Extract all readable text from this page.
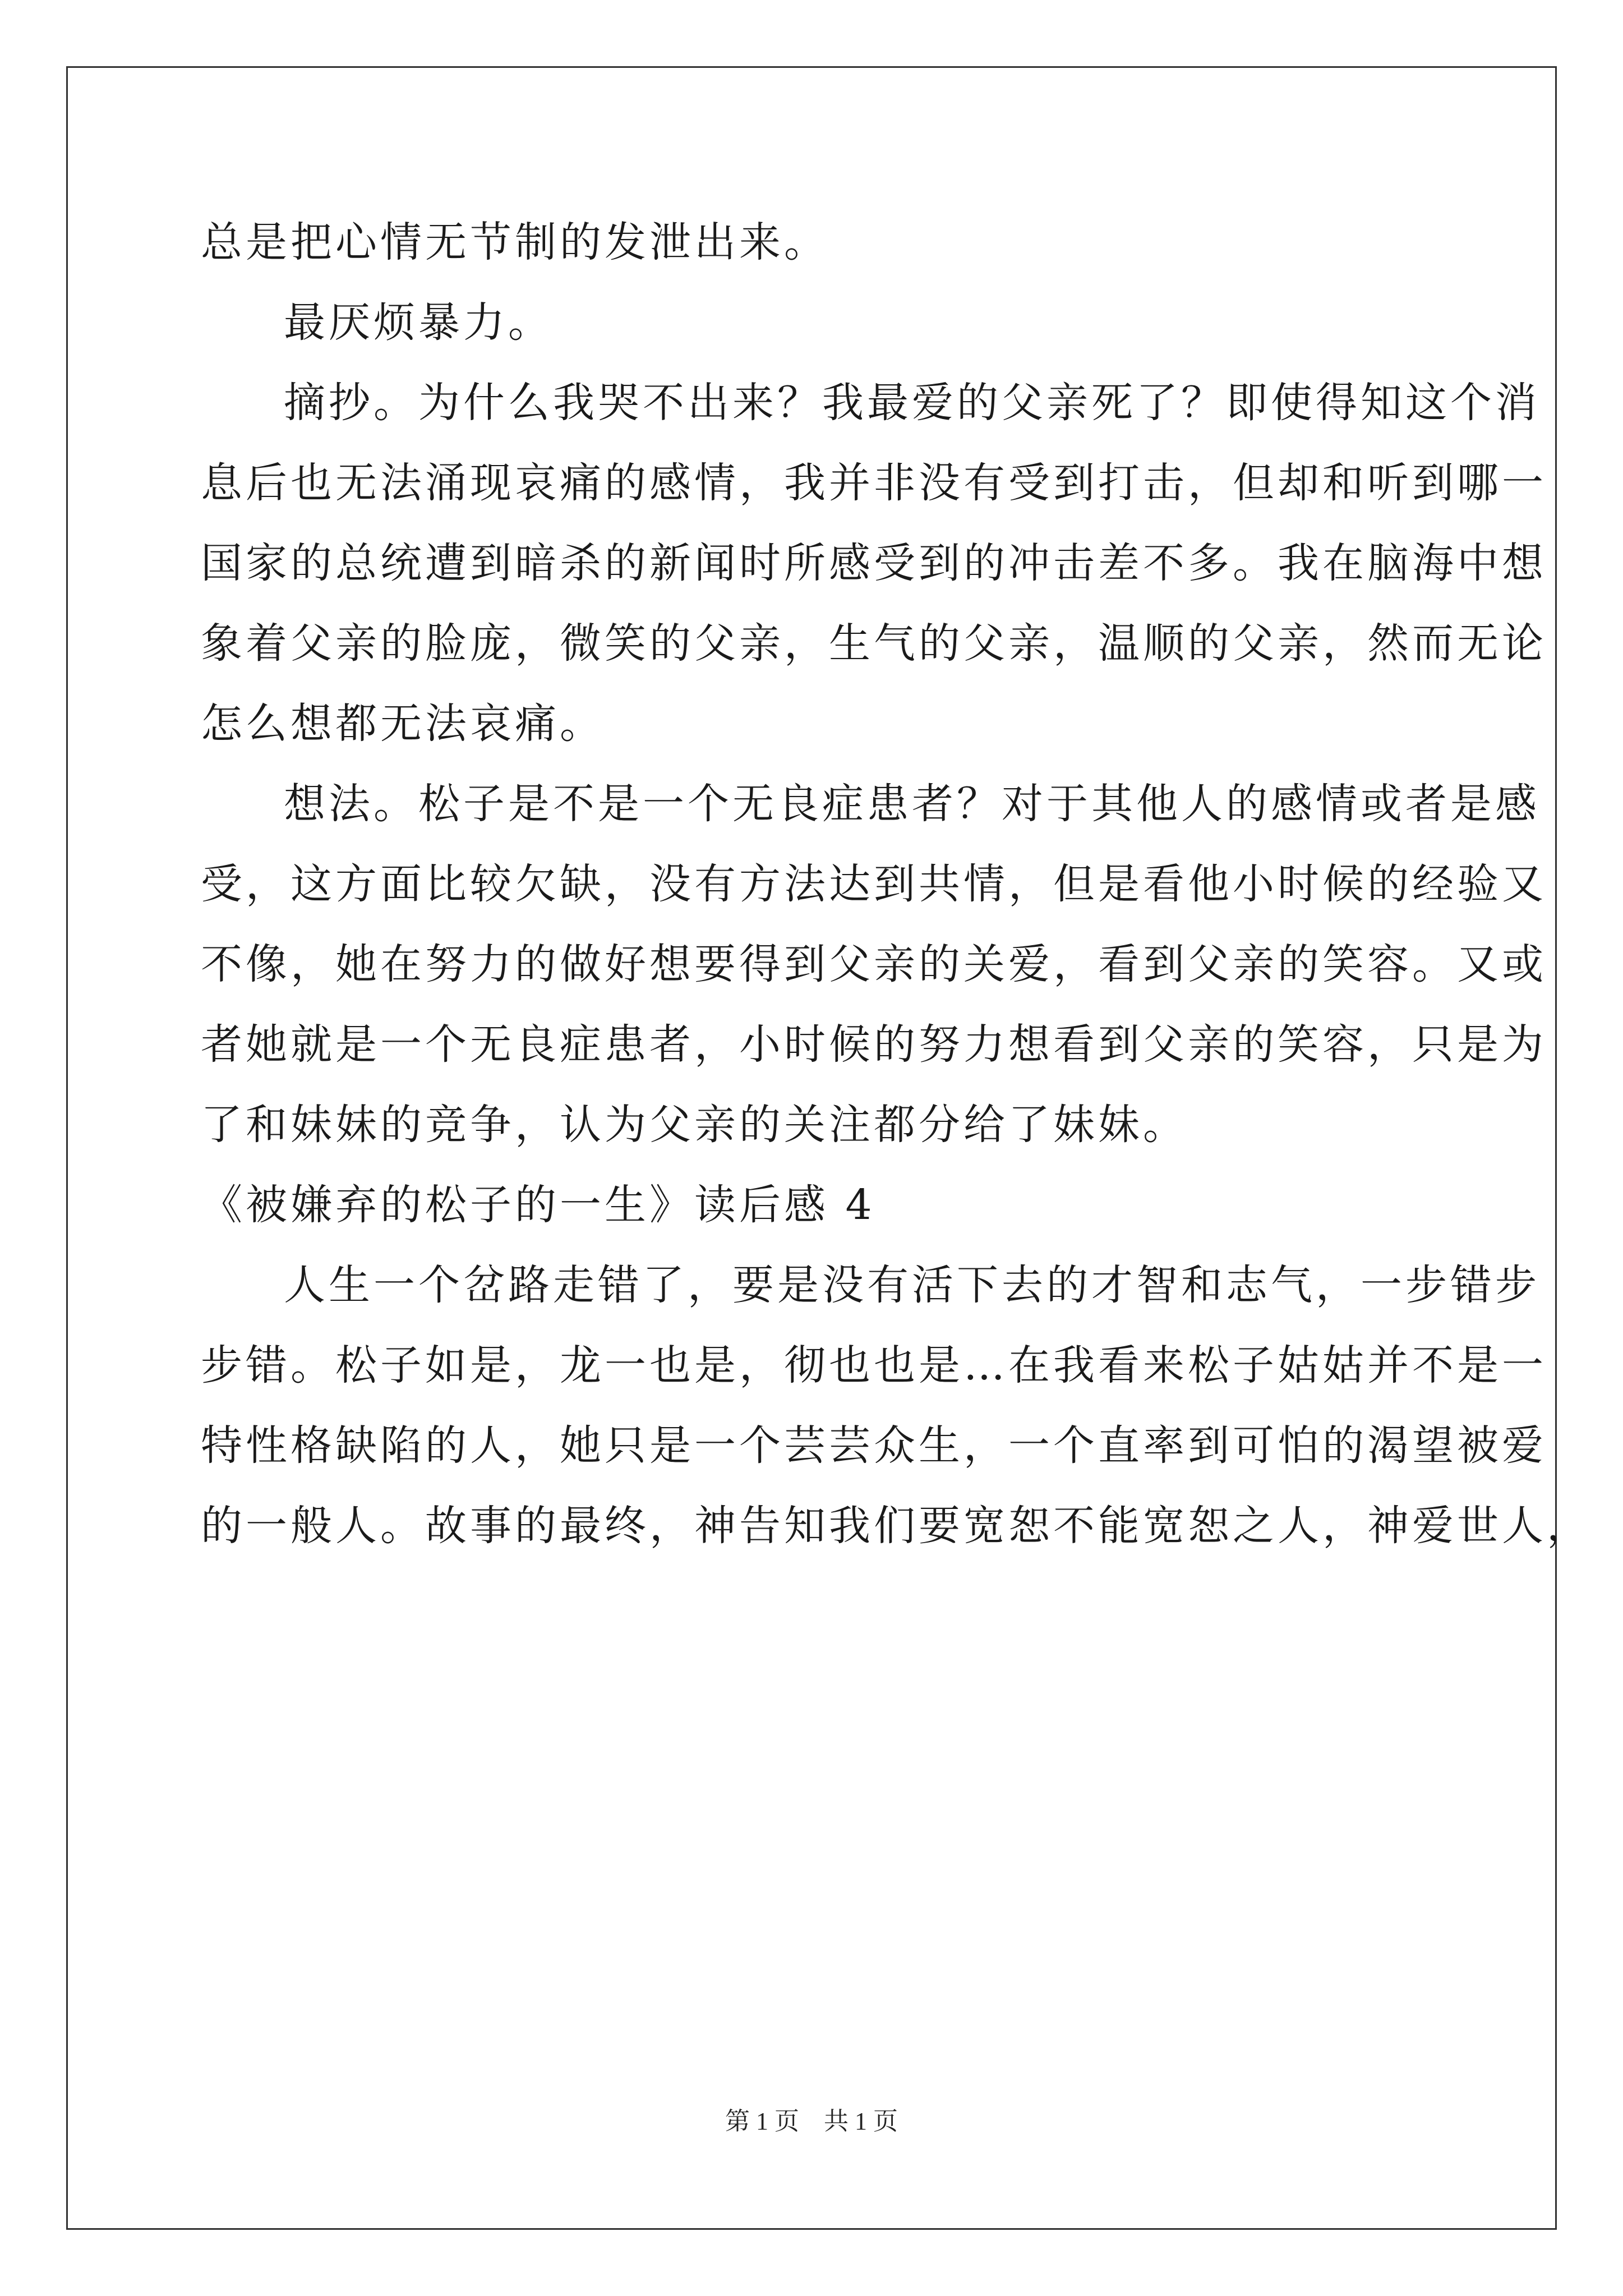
总是把心情无节制的发泄出来。
最厌烦暴力。
摘抄。为什么我哭不出来？我最爱的父亲死了？即使得知这个消
息后也无法涌现哀痛的感情，我并非没有受到打击，但却和听到哪一
国家的总统遭到暗杀的新闻时所感受到的冲击差不多。我在脑海中想
象着父亲的脸庞，微笑的父亲，生气的父亲，温顺的父亲，然而无论
怎么想都无法哀痛。
想法。松子是不是一个无良症患者？对于其他人的感情或者是感
受，这方面比较欠缺，没有方法达到共情，但是看他小时候的经验又
不像，她在努力的做好想要得到父亲的关爱，看到父亲的笑容。又或
者她就是一个无良症患者，小时候的努力想看到父亲的笑容，只是为
了和妹妹的竞争，认为父亲的关注都分给了妹妹。
《被嫌弃的松子的一生》读后感 4
人生一个岔路走错了，要是没有活下去的才智和志气，一步错步
步错。松子如是，龙一也是，彻也也是…在我看来松子姑姑并不是一
特性格缺陷的人，她只是一个芸芸众生，一个直率到可怕的渴望被爱
的一般人。故事的最终，神告知我们要宽恕不能宽恕之人，神爱世人，
第 1 页　共 1 页
